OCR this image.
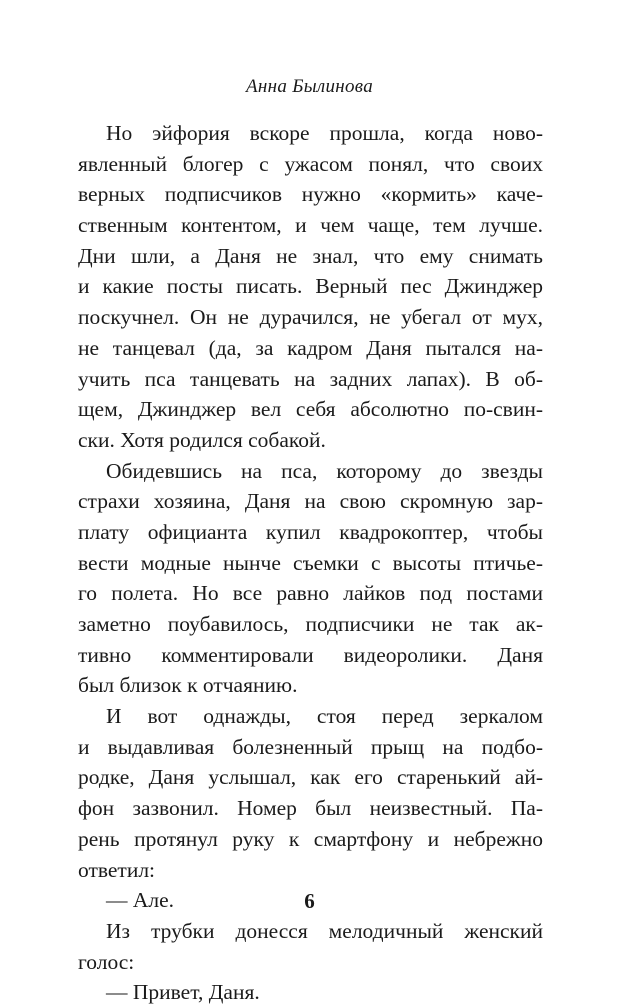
Анна Былинова
Но эйфория вскоре прошла, когда ново-
явленный блогер с ужасом понял, что своих
верных подписчиков нужно «кормить» каче-
ственным контентом, и чем чаще, тем лучше.
Дни шли, а Даня не знал, что ему снимать
и какие посты писать. Верный пес Джинджер
поскучнел. Он не дурачился, не убегал от мух,
не танцевал (да, за кадром Даня пытался на-
учить пса танцевать на задних лапах). В об-
щем, Джинджер вел себя абсолютно по-свин-
ски. Хотя родился собакой.
Обидевшись на пса, которому до звезды
страхи хозяина, Даня на свою скромную зар-
плату официанта купил квадрокоптер, чтобы
вести модные нынче съемки с высоты птичье-
го полета. Но все равно лайков под постами
заметно поубавилось, подписчики не так ак-
тивно комментировали видеоролики. Даня
был близок к отчаянию.
И вот однажды, стоя перед зеркалом
и выдавливая болезненный прыщ на подбо-
родке, Даня услышал, как его старенький ай-
фон зазвонил. Номер был неизвестный. Па-
рень протянул руку к смартфону и небрежно
ответил:
— Але.
Из трубки донесся мелодичный женский
голос:
— Привет, Даня.
6
